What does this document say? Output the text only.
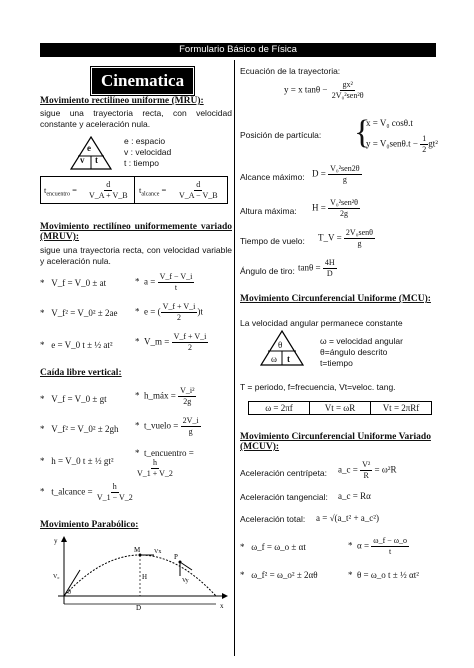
Formulario Básico de Física
Cinematica
Movimiento rectilíneo uniforme (MRU):
sigue una trayectoria recta, con velocidad constante y aceleración nula.
e
v t
e : espacio
v : velocidad
t : tiempo
$t_{encuentro} = \frac{d}{V\_A + V\_B} t_{alcance} = \frac{d}{V\_A - V\_B}$
Movimiento rectilíneo uniformemente variado (MRUV):
sigue una trayectoria recta, con velocidad variable y aceleración nula.
*   V_f = V_0 ± at	*  $a = \frac{V\_f - V\_i}{t}$
*   V_f² = V_0² ± 2ae *  e = ( $\frac{V\_f + V\_i}{2} )t$
*   e = V_0 t ± ½ at² *  V_m = $\frac{V\_f + V\_i}{2}$
Caída libre vertical:
*   V_f = V_0 ± gt	*  h_máx = $\frac{\text{V\_i²}}{2g}$
*   V_f² = V_0² ± 2gh *  t_vuelo = $\frac{2V\_i}{g}$
*   h = V_0 t ± ½ gt²
*  t_encuentro =
$\frac{h}{V\_1 + V\_2}$
*   t_alcance = $\frac{h}{V\_1 - V\_2}$
Movimiento Parabólico:
y
x
M
P
H
D
V₀
Vx
Vy
θ
Ecuación de la trayectoria:
y = x $\tan\theta - \frac{\text{gx²}}{\text{2V₀²sen²θ}}$
Posición de partícula: {
x = V₀ cosθ.t
$y = V_0sen\theta.t - \frac{1}{2} gt^2$
Alcance máximo: $D = \frac{\text{V₀²sen2θ}}{g}$
Altura máxima: $H = \frac{\text{V₀²sen²θ}}{2g}$
Tiempo de vuelo: T_V = $\frac{\text{2V₀senθ}}{g}$
Ángulo de tiro: $\tan\theta = \frac{4H}{D}$
Movimiento Circunferencial Uniforme (MCU):
La velocidad angular permanece constante
θ
ω t
ω = velocidad angular
θ=ángulo descrito
t=tiempo
T = periodo, f=frecuencia, Vt=veloc. tang.
ω = 2πf	Vt = ωR	Vt = 2πRf
Movimiento Circunferencial Uniforme Variado (MCUV):
Aceleración centrípeta: a_c = $\frac{\text{V²}}{R} = \omega^2R$
Aceleración tangencial: a_c = Rα
Aceleración total: a = √(a_t² + a_c²)
*   ω_f = ω_o ± αt	*  $\alpha = \frac{\omega\_f - \omega\_o}{t}$
*   ω_f² = ω_o² ± 2αθ	*  θ = ω_o t ± ½ αt²
